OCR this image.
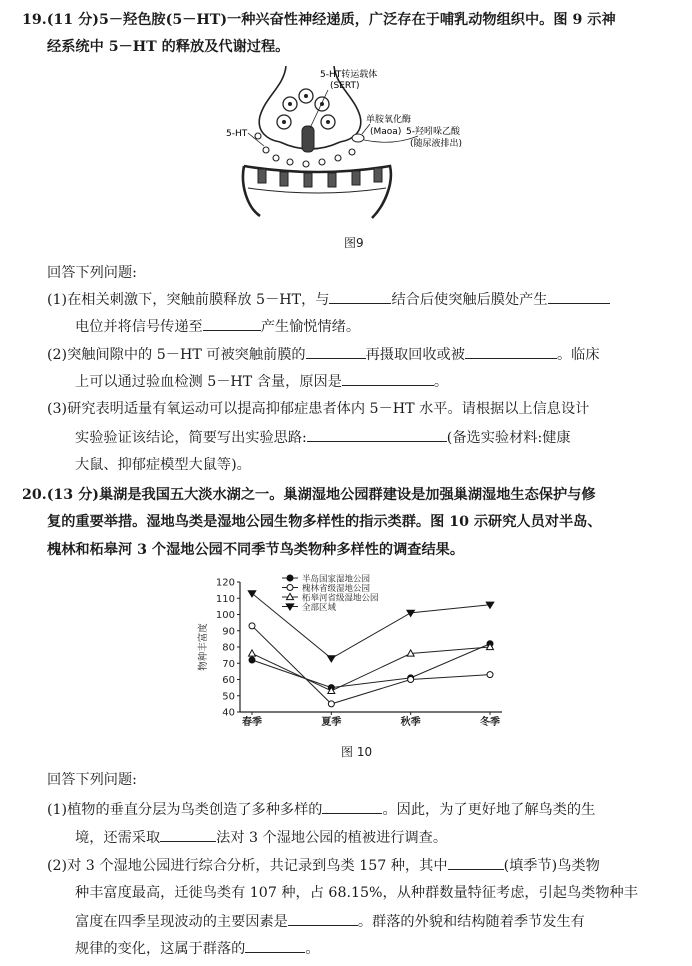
19.(11 分)5－羟色胺(5－HT)一种兴奋性神经递质，广泛存在于哺乳动物组织中。图 9 示神
经系统中 5－HT 的释放及代谢过程。
5-HT转运载体
(SERT)
5-HT
单胺氧化酶
(Maoa) 5-羟吲哚乙酸
(随尿液排出)
图9
回答下列问题:
(1)在相关刺激下，突触前膜释放 5－HT，与	结合后使突触后膜处产生
电位并将信号传递至	产生愉悦情绪。
(2)突触间隙中的 5－HT 可被突触前膜的	再摄取回收或被	。临床
上可以通过验血检测 5－HT 含量，原因是	。
(3)研究表明适量有氧运动可以提高抑郁症患者体内 5－HT 水平。请根据以上信息设计
实验验证该结论，简要写出实验思路:	(备选实验材料:健康
大鼠、抑郁症模型大鼠等)。
20.(13 分)巢湖是我国五大淡水湖之一。巢湖湿地公园群建设是加强巢湖湿地生态保护与修
复的重要举措。湿地鸟类是湿地公园生物多样性的指示类群。图 10 示研究人员对半岛、
槐林和柘皋河 3 个湿地公园不同季节鸟类物种多样性的调查结果。
40
50
60
70
80
90
100
110
120
春季	夏季	秋季	冬季
物种丰富度
半岛国家湿地公园
槐林省级湿地公园
柘皋河省级湿地公园
全部区域
图 10
回答下列问题:
(1)植物的垂直分层为鸟类创造了多种多样的	。因此，为了更好地了解鸟类的生
境，还需采取	法对 3 个湿地公园的植被进行调查。
(2)对 3 个湿地公园进行综合分析，共记录到鸟类 157 种，其中	(填季节)鸟类物
种丰富度最高，迁徙鸟类有 107 种，占 68.15%，从种群数量特征考虑，引起鸟类物种丰
富度在四季呈现波动的主要因素是	。群落的外貌和结构随着季节发生有
规律的变化，这属于群落的	。
